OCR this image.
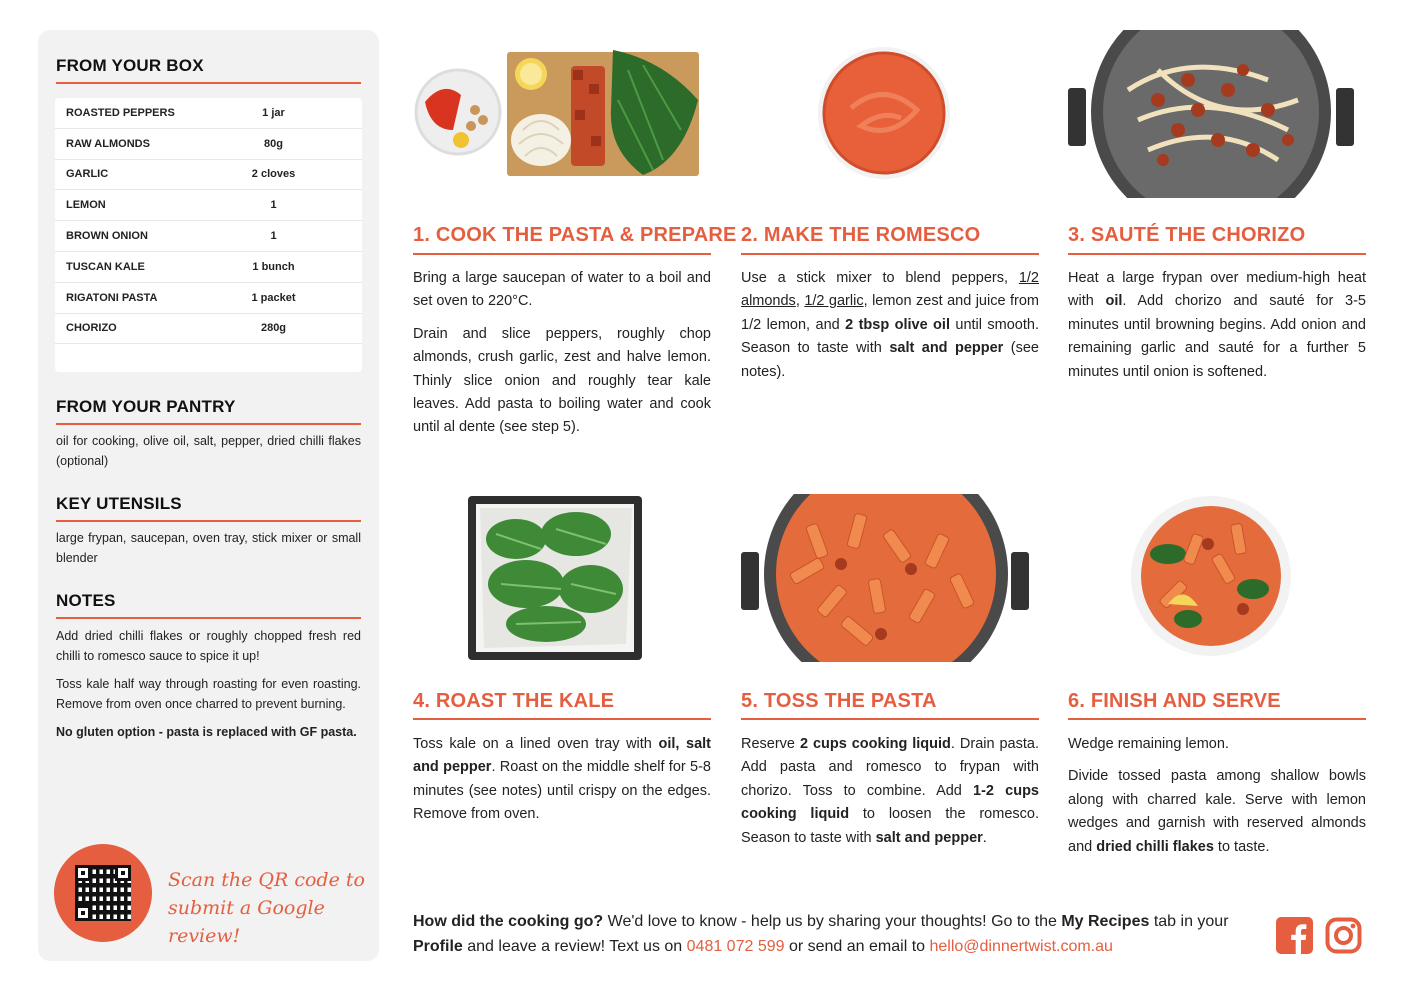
FROM YOUR BOX
ROASTED PEPPERS	1 jar
RAW ALMONDS	80g
GARLIC	2 cloves
LEMON	1
BROWN ONION	1
TUSCAN KALE	1 bunch
RIGATONI PASTA	1 packet
CHORIZO	280g
FROM YOUR PANTRY
oil for cooking, olive oil, salt, pepper, dried chilli flakes (optional)
KEY UTENSILS
large frypan, saucepan, oven tray, stick mixer or small blender
NOTES

Add dried chilli flakes or roughly chopped fresh red chilli to romesco sauce to spice it up!

Toss kale half way through roasting for even roasting. Remove from oven once charred to prevent burning.

No gluten option - pasta is replaced with GF pasta.

Scan the QR code to submit a Google review!
1. COOK THE PASTA & PREPARE

Bring a large saucepan of water to a boil and set oven to 220°C.

Drain and slice peppers, roughly chop almonds, crush garlic, zest and halve lemon. Thinly slice onion and roughly tear kale leaves. Add pasta to boiling water and cook until al dente (see step 5).

2. MAKE THE ROMESCO

Use a stick mixer to blend peppers, 1/2 almonds, 1/2 garlic, lemon zest and juice from 1/2 lemon, and 2 tbsp olive oil until smooth. Season to taste with salt and pepper (see notes).

3. SAUTÉ THE CHORIZO

Heat a large frypan over medium-high heat with oil. Add chorizo and sauté for 3-5 minutes until browning begins. Add onion and remaining garlic and sauté for a further 5 minutes until onion is softened.

4. ROAST THE KALE

Toss kale on a lined oven tray with oil, salt and pepper. Roast on the middle shelf for 5-8 minutes (see notes) until crispy on the edges. Remove from oven.

5. TOSS THE PASTA

Reserve 2 cups cooking liquid. Drain pasta. Add pasta and romesco to frypan with chorizo. Toss to combine. Add 1-2 cups cooking liquid to loosen the romesco. Season to taste with salt and pepper.

6. FINISH AND SERVE

Wedge remaining lemon.

Divide tossed pasta among shallow bowls along with charred kale. Serve with lemon wedges and garnish with reserved almonds and dried chilli flakes to taste.

How did the cooking go? We'd love to know - help us by sharing your thoughts! Go to the My Recipes tab in your Profile and leave a review! Text us on 0481 072 599 or send an email to hello@dinnertwist.com.au
